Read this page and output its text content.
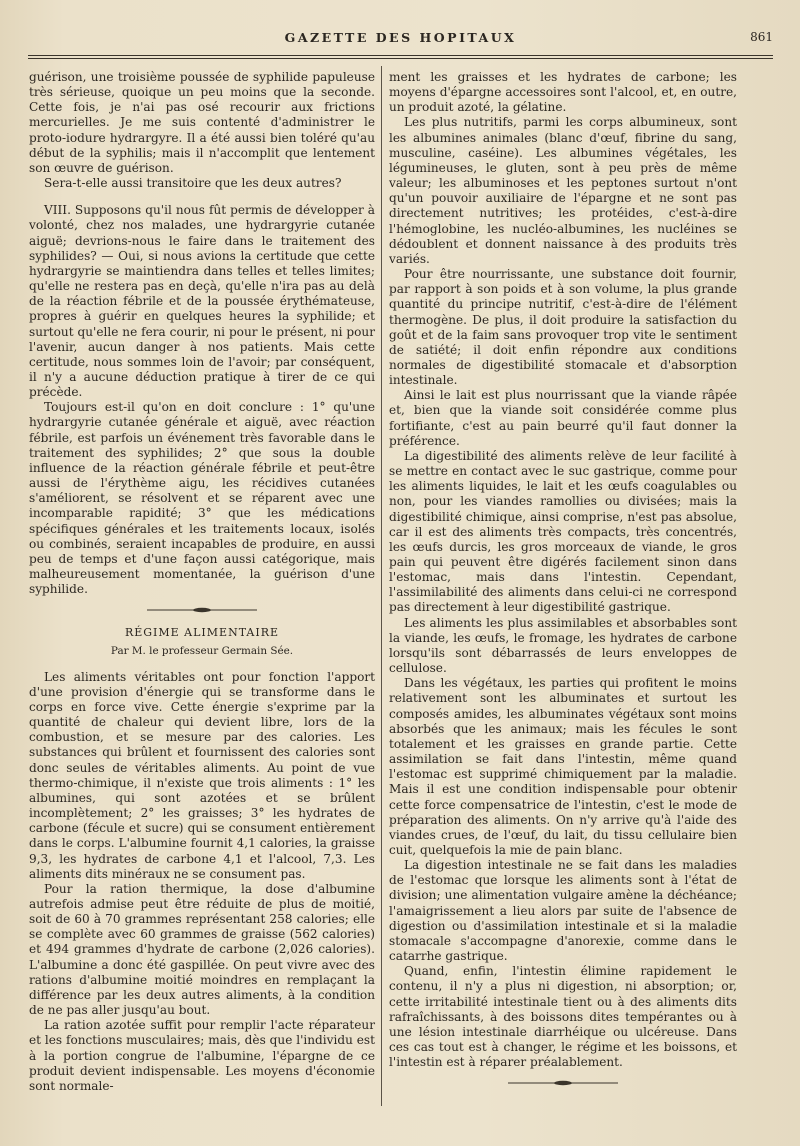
GAZETTE DES HOPITAUX	861

guérison, une troisième poussée de syphilide papuleuse très sérieuse, quoique un peu moins que la seconde. Cette fois, je n'ai pas osé recourir aux frictions mercurielles. Je me suis contenté d'administrer le proto-iodure hydrargyre. Il a été aussi bien toléré qu'au début de la syphilis; mais il n'accomplit que lentement son œuvre de guérison.

Sera-t-elle aussi transitoire que les deux autres?

VIII. Supposons qu'il nous fût permis de développer à volonté, chez nos malades, une hydrargyrie cutanée aiguë; devrions-nous le faire dans le traitement des syphilides? — Oui, si nous avions la certitude que cette hydrargyrie se maintiendra dans telles et telles limites; qu'elle ne restera pas en deçà, qu'elle n'ira pas au delà de la réaction fébrile et de la poussée érythémateuse, propres à guérir en quelques heures la syphilide; et surtout qu'elle ne fera courir, ni pour le présent, ni pour l'avenir, aucun danger à nos patients. Mais cette certitude, nous sommes loin de l'avoir; par conséquent, il n'y a aucune déduction pratique à tirer de ce qui précède.

Toujours est-il qu'on en doit conclure : 1° qu'une hydrargyrie cutanée générale et aiguë, avec réaction fébrile, est parfois un événement très favorable dans le traitement des syphilides; 2° que sous la double influence de la réaction générale fébrile et peut-être aussi de l'érythème aigu, les récidives cutanées s'améliorent, se résolvent et se réparent avec une incomparable rapidité; 3° que les médications spécifiques générales et les traitements locaux, isolés ou combinés, seraient incapables de produire, en aussi peu de temps et d'une façon aussi catégorique, mais malheureusement momentanée, la guérison d'une syphilide.

RÉGIME ALIMENTAIRE
Par M. le professeur Germain Sée.

Les aliments véritables ont pour fonction l'apport d'une provision d'énergie qui se transforme dans le corps en force vive. Cette énergie s'exprime par la quantité de chaleur qui devient libre, lors de la combustion, et se mesure par des calories. Les substances qui brûlent et fournissent des calories sont donc seules de véritables aliments. Au point de vue thermo-chimique, il n'existe que trois aliments : 1° les albumines, qui sont azotées et se brûlent incomplètement; 2° les graisses; 3° les hydrates de carbone (fécule et sucre) qui se consument entièrement dans le corps. L'albumine fournit 4,1 calories, la graisse 9,3, les hydrates de carbone 4,1 et l'alcool, 7,3. Les aliments dits minéraux ne se consument pas.

Pour la ration thermique, la dose d'albumine autrefois admise peut être réduite de plus de moitié, soit de 60 à 70 grammes représentant 258 calories; elle se complète avec 60 grammes de graisse (562 calories) et 494 grammes d'hydrate de carbone (2,026 calories). L'albumine a donc été gaspillée. On peut vivre avec des rations d'albumine moitié moindres en remplaçant la différence par les deux autres aliments, à la condition de ne pas aller jusqu'au bout.

La ration azotée suffit pour remplir l'acte réparateur et les fonctions musculaires; mais, dès que l'individu est à la portion congrue de l'albumine, l'épargne de ce produit devient indispensable. Les moyens d'économie sont normale-

ment les graisses et les hydrates de carbone; les moyens d'épargne accessoires sont l'alcool, et, en outre, un produit azoté, la gélatine.

Les plus nutritifs, parmi les corps albumineux, sont les albumines animales (blanc d'œuf, fibrine du sang, musculine, caséine). Les albumines végétales, les légumineuses, le gluten, sont à peu près de même valeur; les albuminoses et les peptones surtout n'ont qu'un pouvoir auxiliaire de l'épargne et ne sont pas directement nutritives; les protéides, c'est-à-dire l'hémoglobine, les nucléo-albumines, les nucléines se dédoublent et donnent naissance à des produits très variés.

Pour être nourrissante, une substance doit fournir, par rapport à son poids et à son volume, la plus grande quantité du principe nutritif, c'est-à-dire de l'élément thermogène. De plus, il doit produire la satisfaction du goût et de la faim sans provoquer trop vite le sentiment de satiété; il doit enfin répondre aux conditions normales de digestibilité stomacale et d'absorption intestinale.

Ainsi le lait est plus nourrissant que la viande râpée et, bien que la viande soit considérée comme plus fortifiante, c'est au pain beurré qu'il faut donner la préférence.

La digestibilité des aliments relève de leur facilité à se mettre en contact avec le suc gastrique, comme pour les aliments liquides, le lait et les œufs coagulables ou non, pour les viandes ramollies ou divisées; mais la digestibilité chimique, ainsi comprise, n'est pas absolue, car il est des aliments très compacts, très concentrés, les œufs durcis, les gros morceaux de viande, le gros pain qui peuvent être digérés facilement sinon dans l'estomac, mais dans l'intestin. Cependant, l'assimilabilité des aliments dans celui-ci ne correspond pas directement à leur digestibilité gastrique.

Les aliments les plus assimilables et absorbables sont la viande, les œufs, le fromage, les hydrates de carbone lorsqu'ils sont débarrassés de leurs enveloppes de cellulose.

Dans les végétaux, les parties qui profitent le moins relativement sont les albuminates et surtout les composés amides, les albuminates végétaux sont moins absorbés que les animaux; mais les fécules le sont totalement et les graisses en grande partie. Cette assimilation se fait dans l'intestin, même quand l'estomac est supprimé chimiquement par la maladie. Mais il est une condition indispensable pour obtenir cette force compensatrice de l'intestin, c'est le mode de préparation des aliments. On n'y arrive qu'à l'aide des viandes crues, de l'œuf, du lait, du tissu cellulaire bien cuit, quelquefois la mie de pain blanc.

La digestion intestinale ne se fait dans les maladies de l'estomac que lorsque les aliments sont à l'état de division; une alimentation vulgaire amène la déchéance; l'amaigrissement a lieu alors par suite de l'absence de digestion ou d'assimilation intestinale et si la maladie stomacale s'accompagne d'anorexie, comme dans le catarrhe gastrique.

Quand, enfin, l'intestin élimine rapidement le contenu, il n'y a plus ni digestion, ni absorption; or, cette irritabilité intestinale tient ou à des aliments dits rafraîchissants, à des boissons dites tempérantes ou à une lésion intestinale diarrhéique ou ulcéreuse. Dans ces cas tout est à changer, le régime et les boissons, et l'intestin est à réparer préalablement.
